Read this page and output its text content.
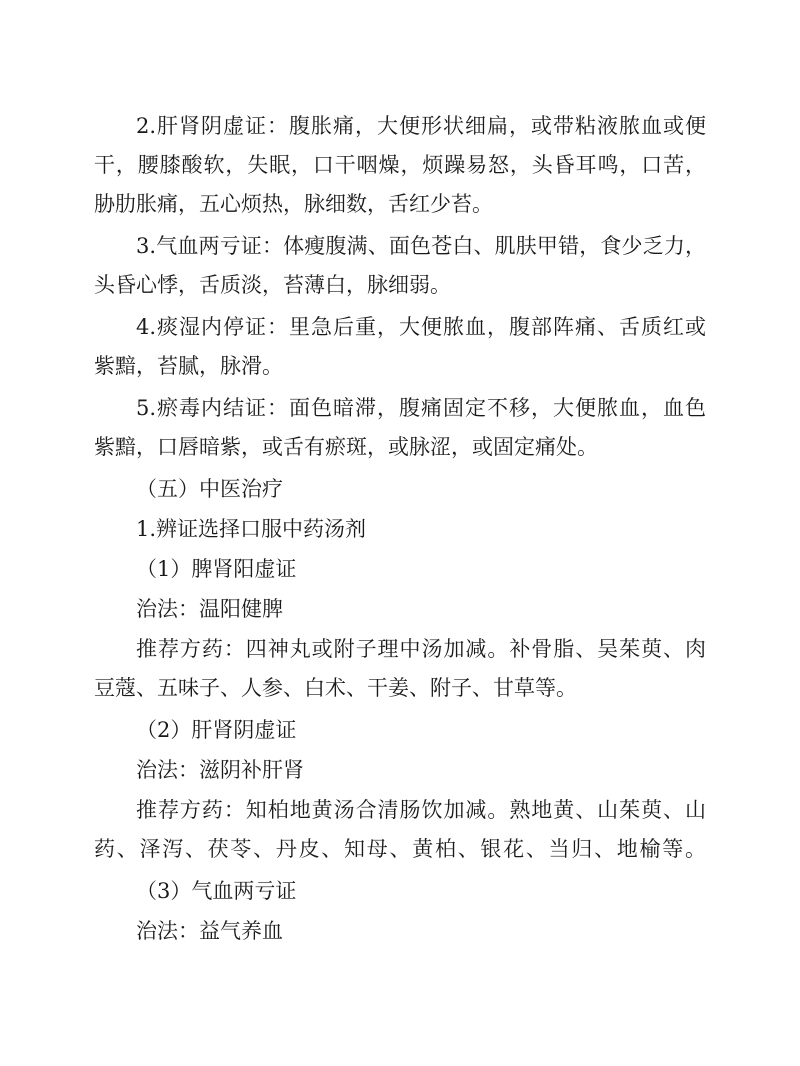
2.肝肾阴虚证：腹胀痛，大便形状细扁，或带粘液脓血或便
干，腰膝酸软，失眠，口干咽燥，烦躁易怒，头昏耳鸣，口苦，
胁肋胀痛，五心烦热，脉细数，舌红少苔。
3.气血两亏证：体瘦腹满、面色苍白、肌肤甲错，食少乏力，
头昏心悸，舌质淡，苔薄白，脉细弱。
4.痰湿内停证：里急后重，大便脓血，腹部阵痛、舌质红或
紫黯，苔腻，脉滑。
5.瘀毒内结证：面色暗滞，腹痛固定不移，大便脓血，血色
紫黯，口唇暗紫，或舌有瘀斑，或脉涩，或固定痛处。
（五）中医治疗
1.辨证选择口服中药汤剂
（1）脾肾阳虚证
治法：温阳健脾
推荐方药：四神丸或附子理中汤加减。补骨脂、吴茱萸、肉
豆蔻、五味子、人参、白术、干姜、附子、甘草等。
（2）肝肾阴虚证
治法：滋阴补肝肾
推荐方药：知柏地黄汤合清肠饮加减。熟地黄、山茱萸、山
药、泽泻、茯苓、丹皮、知母、黄柏、银花、当归、地榆等。
（3）气血两亏证
治法：益气养血
